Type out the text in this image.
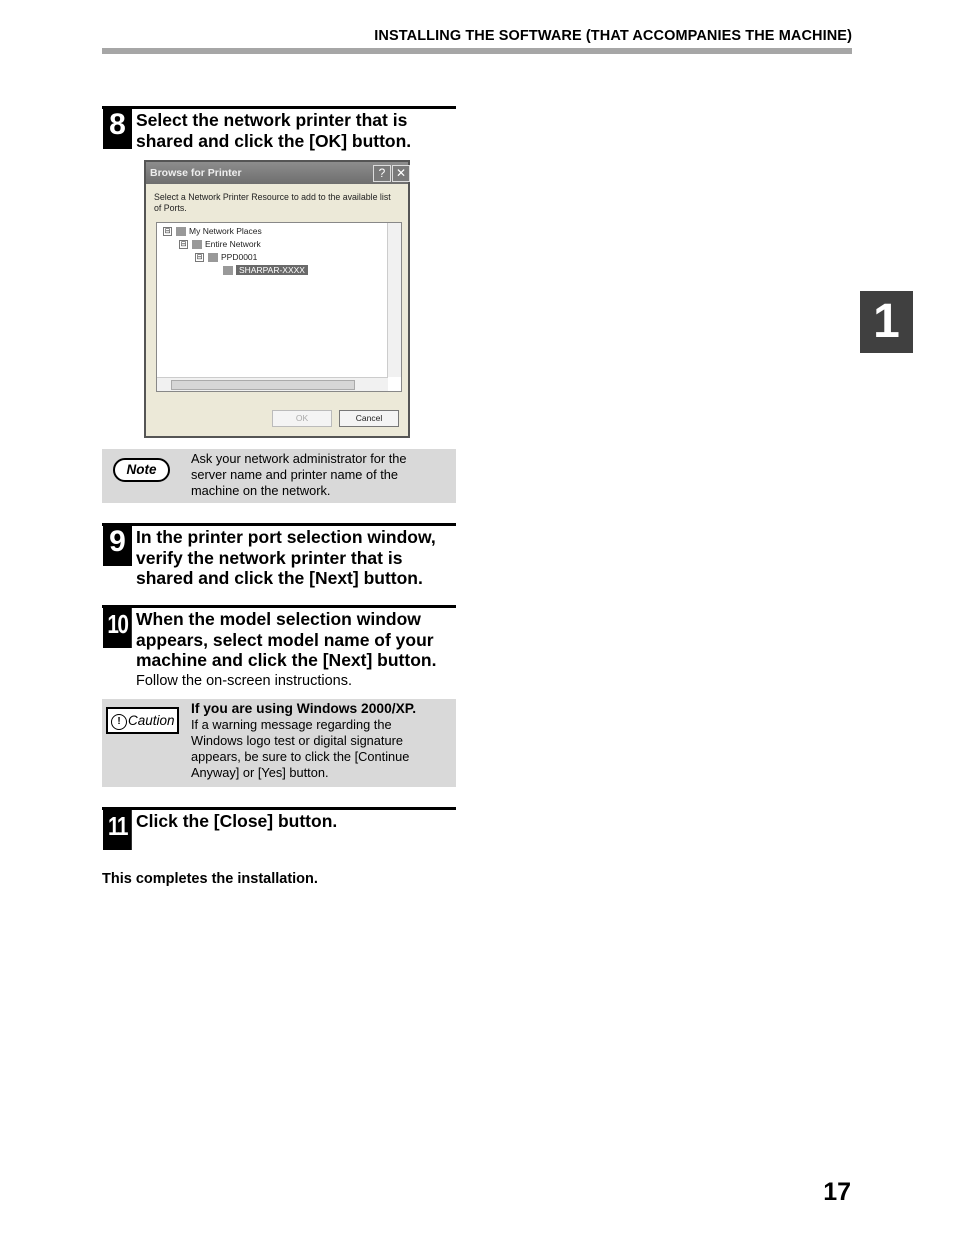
INSTALLING THE SOFTWARE (THAT ACCOMPANIES THE MACHINE)
1
8 Select the network printer that is
shared and click the [OK] button.
Browse for Printer	? ✕
Select a Network Printer Resource to add to the available list
of Ports.
⊟ My Network Places
⊟ Entire Network
⊟ PPD0001
SHARPAR-XXXX
OK	Cancel
Note
Ask your network administrator for the
server name and printer name of the
machine on the network.
9 In the printer port selection window,
verify the network printer that is
shared and click the [Next] button.
10 When the model selection window
appears, select model name of your
machine and click the [Next] button.
Follow the on-screen instructions.
! Caution
If you are using Windows 2000/XP.
If a warning message regarding the
Windows logo test or digital signature
appears, be sure to click the [Continue
Anyway] or [Yes] button.
11 Click the [Close] button.
This completes the installation.
17
